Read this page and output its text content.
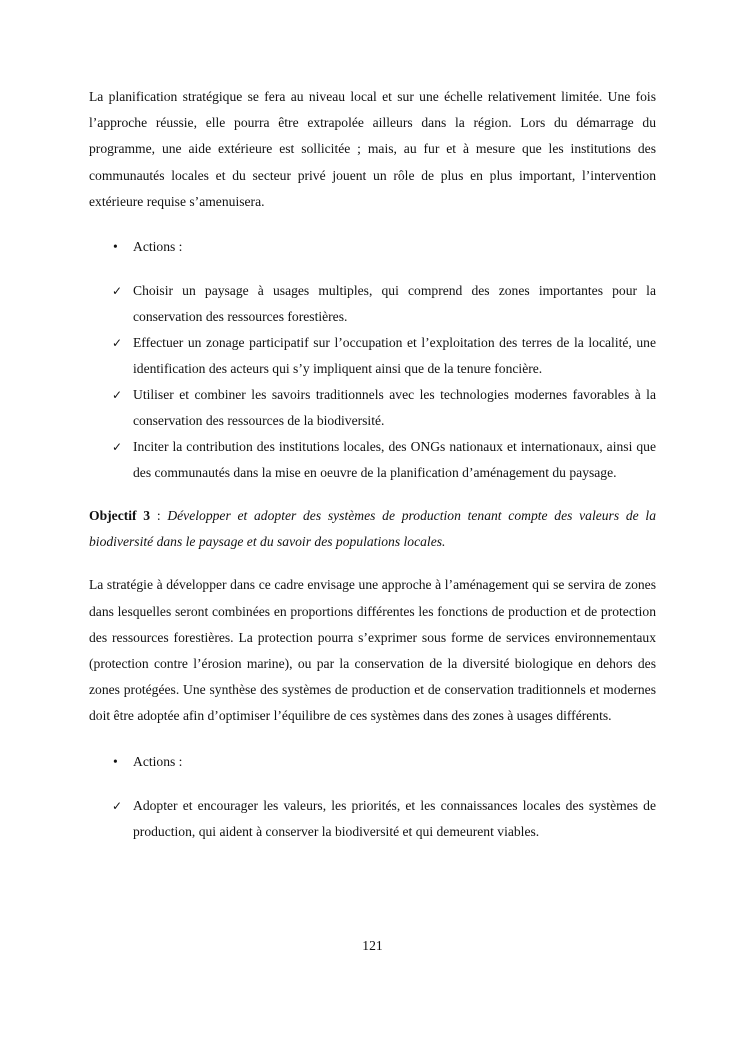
La planification stratégique se fera au niveau local et sur une échelle relativement limitée. Une fois l’approche réussie, elle pourra être extrapolée ailleurs dans la région. Lors du démarrage du programme, une aide extérieure est sollicitée ; mais, au fur et à mesure que les institutions des communautés locales et du secteur privé jouent un rôle de plus en plus important, l’intervention extérieure requise s’amenuisera.

• Actions :
✓ Choisir un paysage à usages multiples, qui comprend des zones importantes pour la conservation des ressources forestières.
✓ Effectuer un zonage participatif sur l’occupation et l’exploitation des terres de la localité, une identification des acteurs qui s’y impliquent ainsi que de la tenure foncière.
✓ Utiliser et combiner les savoirs traditionnels avec les technologies modernes favorables à la conservation des ressources de la biodiversité.
✓ Inciter la contribution des institutions locales, des ONGs nationaux et internationaux, ainsi que des communautés dans la mise en oeuvre de la planification d’aménagement du paysage.

Objectif 3 : Développer et adopter des systèmes de production tenant compte des valeurs de la biodiversité dans le paysage et du savoir des populations locales.

La stratégie à développer dans ce cadre envisage une approche à l’aménagement qui se servira de zones dans lesquelles seront combinées en proportions différentes les fonctions de production et de protection des ressources forestières. La protection pourra s’exprimer sous forme de services environnementaux (protection contre l’érosion marine), ou par la conservation de la diversité biologique en dehors des zones protégées. Une synthèse des systèmes de production et de conservation traditionnels et modernes doit être adoptée afin d’optimiser l’équilibre de ces systèmes dans des zones à usages différents.

• Actions :
✓ Adopter et encourager les valeurs, les priorités, et les connaissances locales des systèmes de production, qui aident à conserver la biodiversité et qui demeurent viables.
121
